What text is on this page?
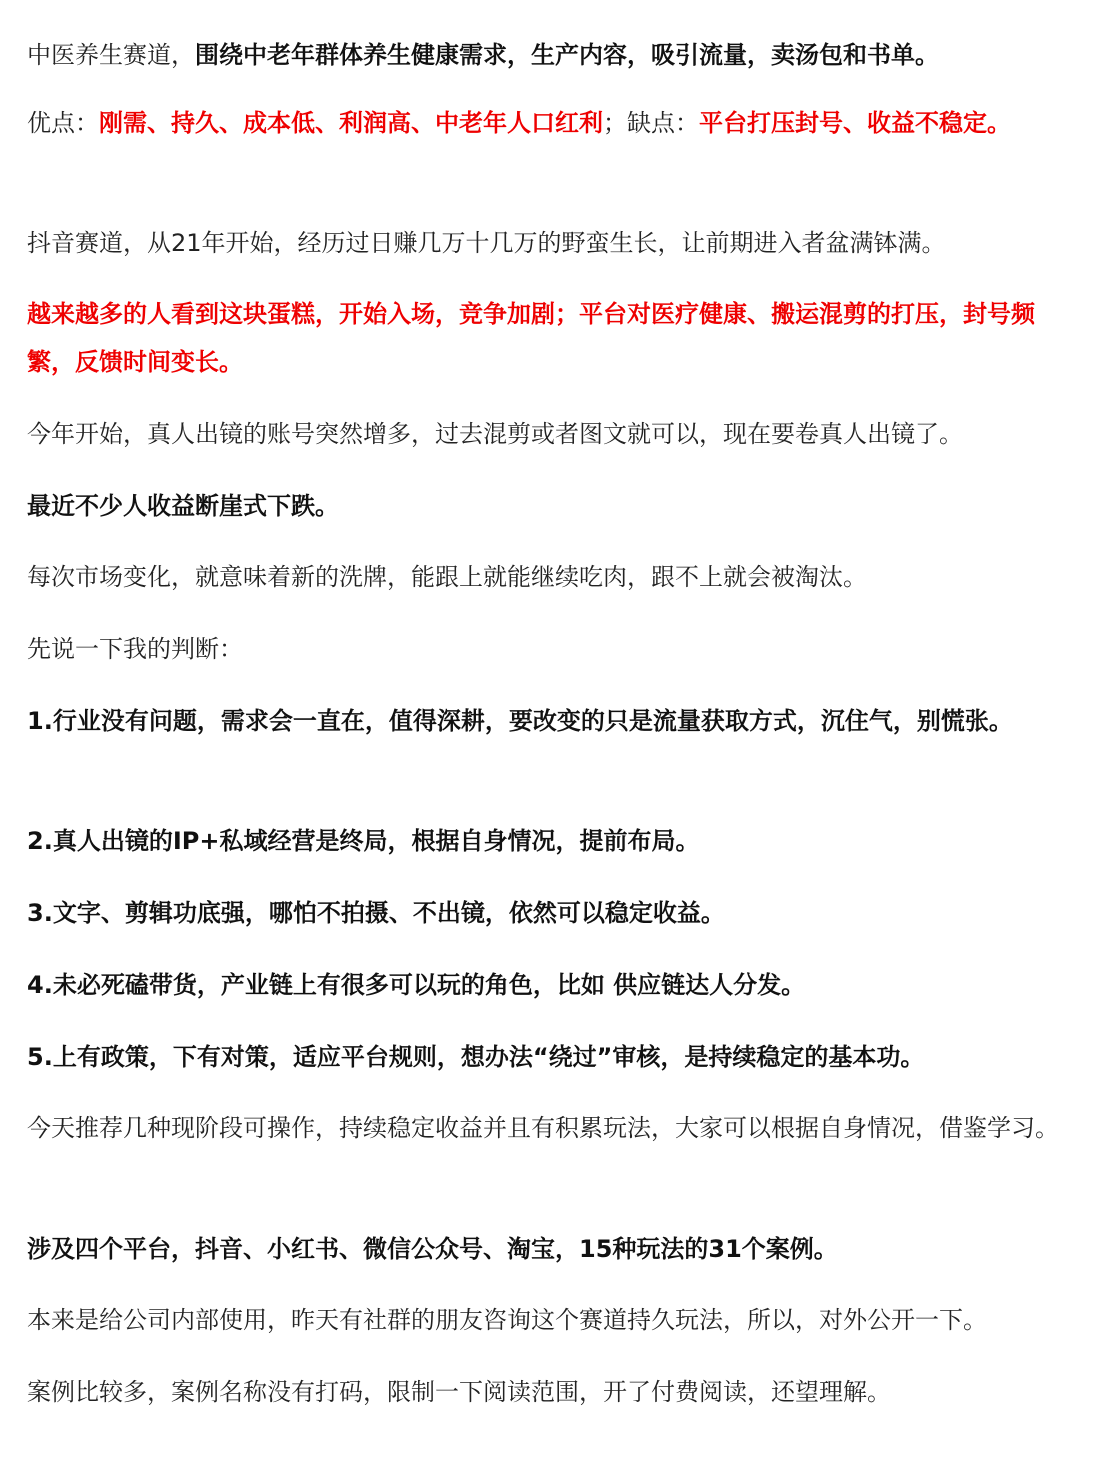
中医养生赛道，围绕中老年群体养生健康需求，生产内容，吸引流量，卖汤包和书单。

优点：刚需、持久、成本低、利润高、中老年人口红利；缺点：平台打压封号、收益不稳定。

抖音赛道，从21年开始，经历过日赚几万十几万的野蛮生长，让前期进入者盆满钵满。

越来越多的人看到这块蛋糕，开始入场，竞争加剧；平台对医疗健康、搬运混剪的打压，封号频繁，反馈时间变长。

今年开始，真人出镜的账号突然增多，过去混剪或者图文就可以，现在要卷真人出镜了。

最近不少人收益断崖式下跌。

每次市场变化，就意味着新的洗牌，能跟上就能继续吃肉，跟不上就会被淘汰。

先说一下我的判断：

1.行业没有问题，需求会一直在，值得深耕，要改变的只是流量获取方式，沉住气，别慌张。

2.真人出镜的IP+私域经营是终局，根据自身情况，提前布局。

3.文字、剪辑功底强，哪怕不拍摄、不出镜，依然可以稳定收益。

4.未必死磕带货，产业链上有很多可以玩的角色，比如 供应链达人分发。

5.上有政策，下有对策，适应平台规则，想办法“绕过”审核，是持续稳定的基本功。

今天推荐几种现阶段可操作，持续稳定收益并且有积累玩法，大家可以根据自身情况，借鉴学习。

涉及四个平台，抖音、小红书、微信公众号、淘宝，15种玩法的31个案例。

本来是给公司内部使用，昨天有社群的朋友咨询这个赛道持久玩法，所以，对外公开一下。

案例比较多，案例名称没有打码，限制一下阅读范围，开了付费阅读，还望理解。
